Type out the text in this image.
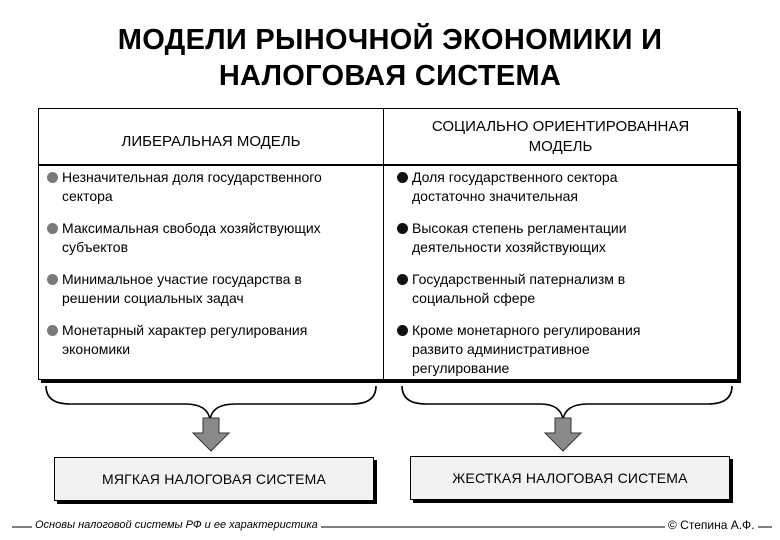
МОДЕЛИ РЫНОЧНОЙ ЭКОНОМИКИ И
НАЛОГОВАЯ СИСТЕМА
ЛИБЕРАЛЬНАЯ МОДЕЛЬ
СОЦИАЛЬНО ОРИЕНТИРОВАННАЯ
МОДЕЛЬ
Незначительная доля государственного
сектора
Максимальная свобода хозяйствующих
субъектов
Минимальное участие государства в
решении социальных задач
Монетарный характер регулирования
экономики
Доля государственного сектора
достаточно значительная
Высокая степень регламентации
деятельности хозяйствующих
Государственный патернализм в
социальной сфере
Кроме монетарного регулирования
развито административное
регулирование
МЯГКАЯ НАЛОГОВАЯ СИСТЕМА	ЖЕСТКАЯ НАЛОГОВАЯ СИСТЕМА
Основы налоговой системы РФ и ее характеристика	© Степина А.Ф.
